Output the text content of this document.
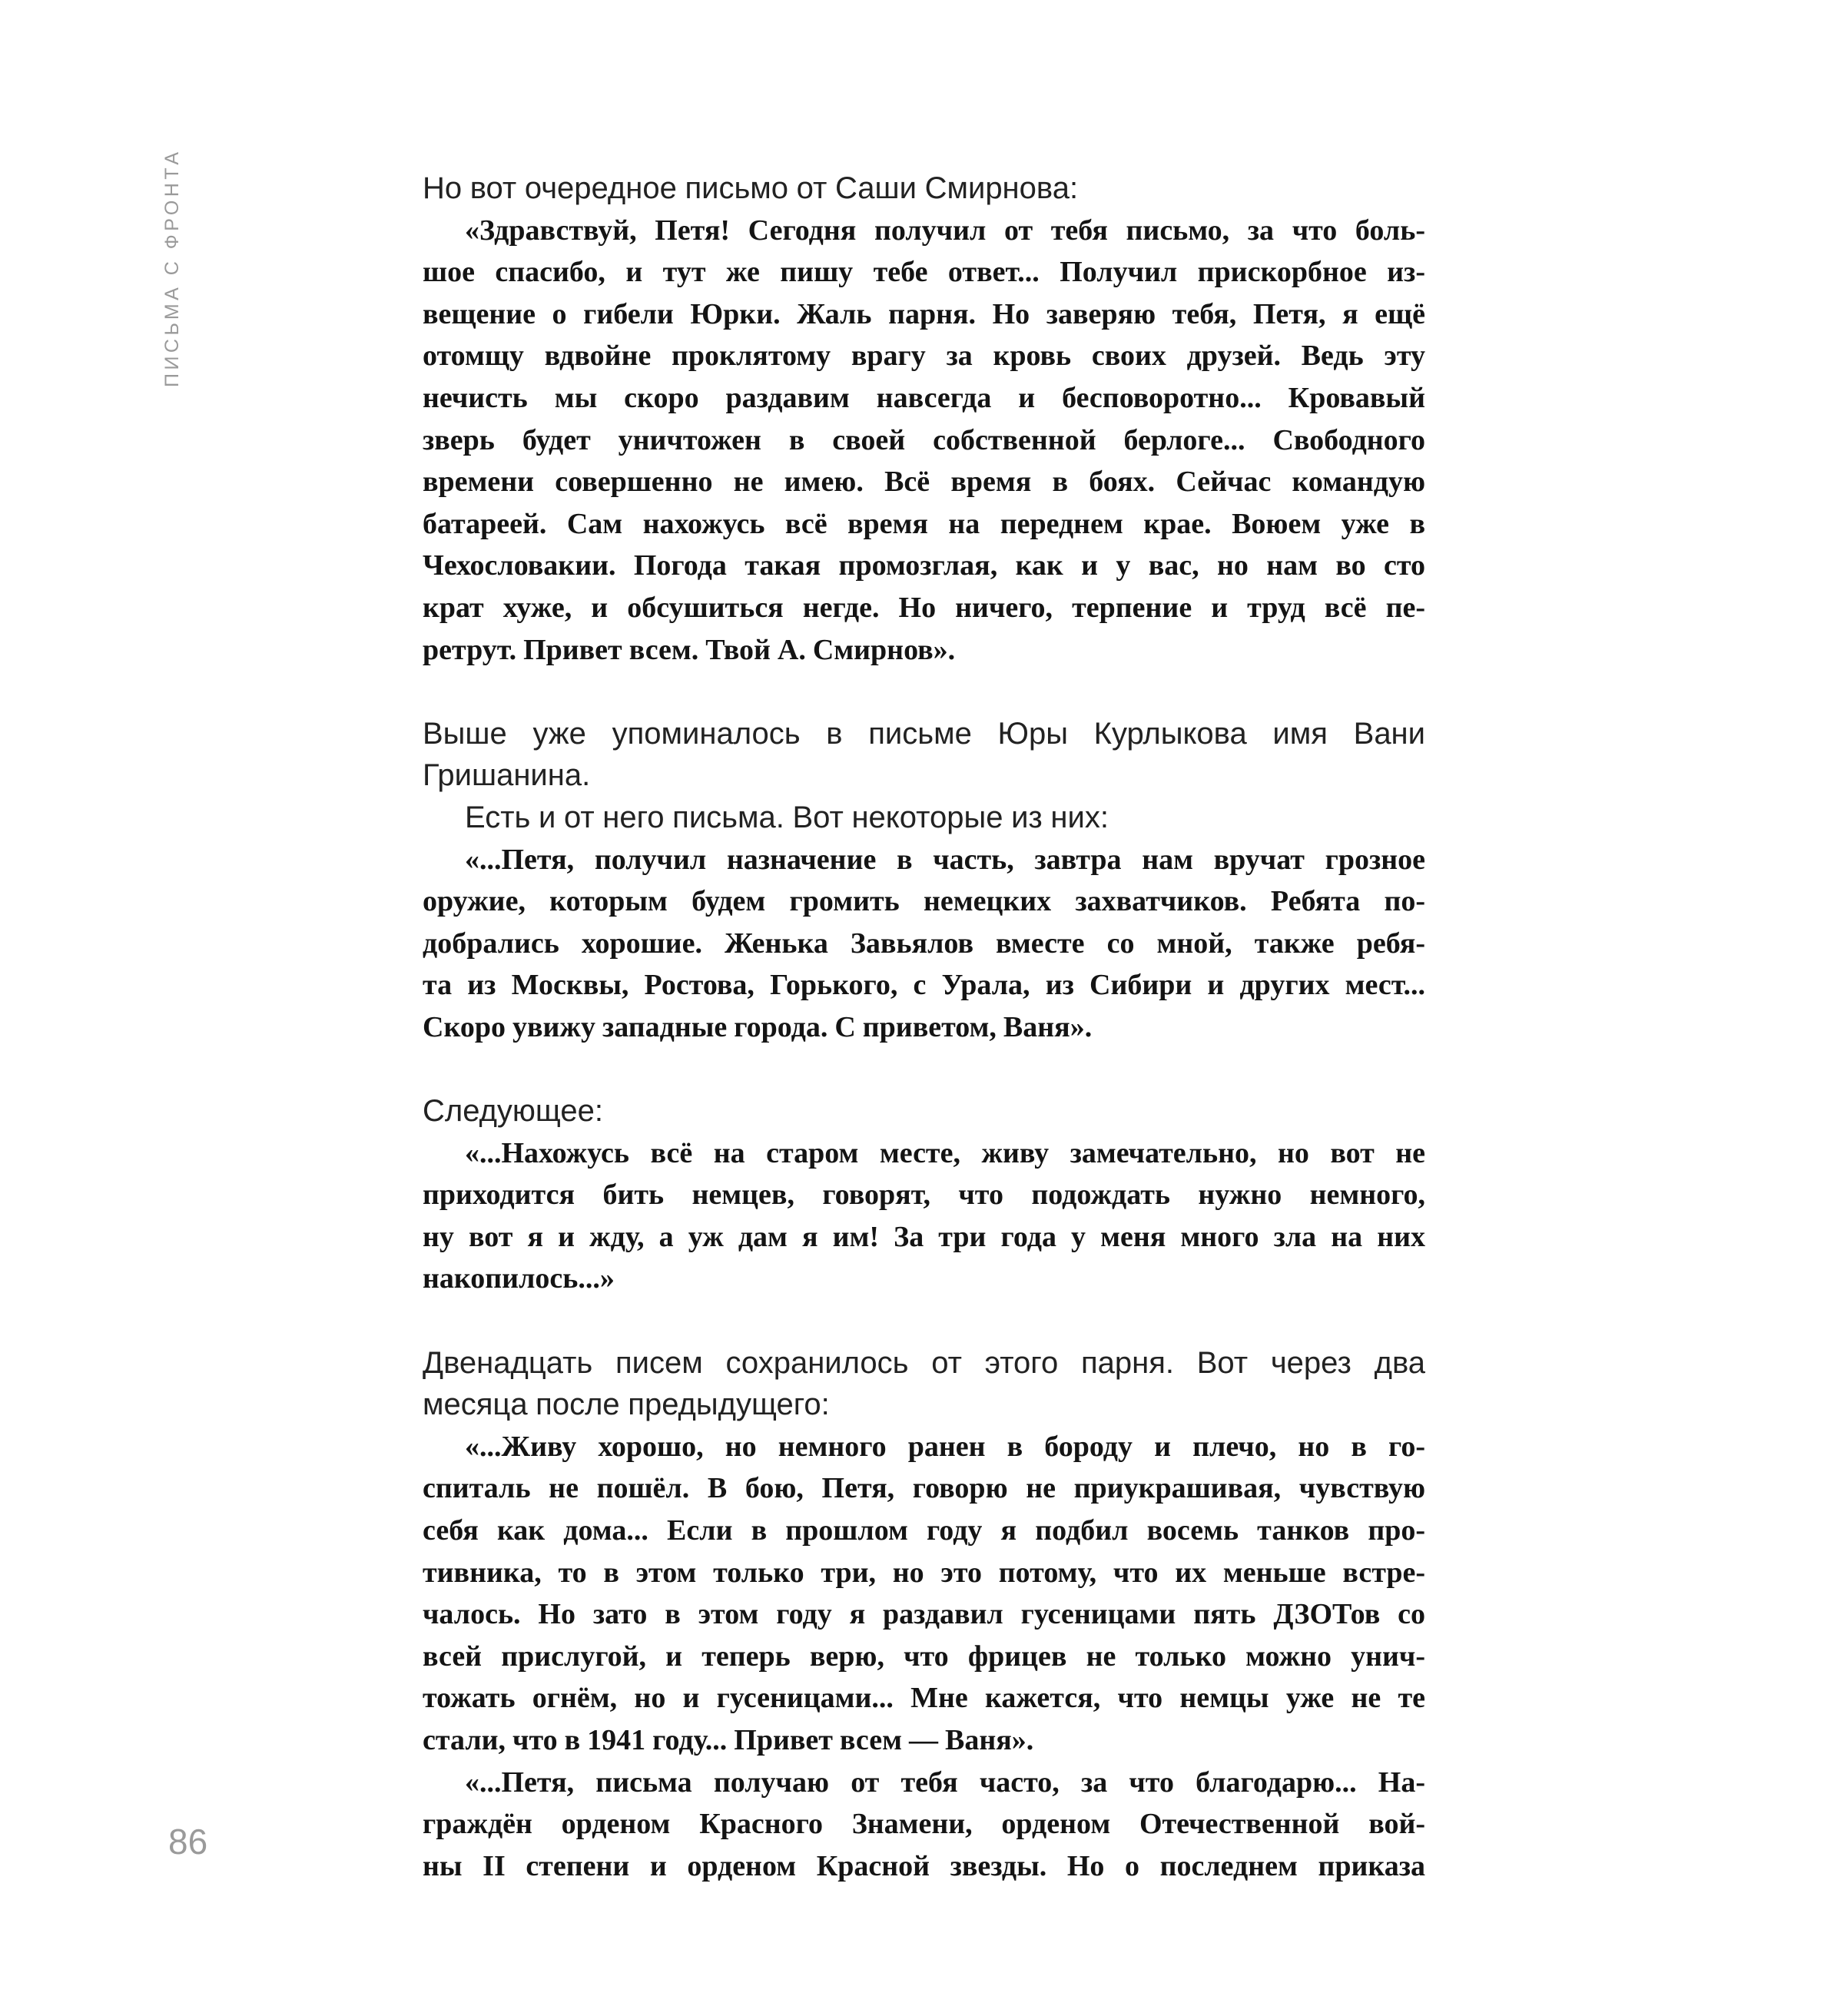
ПИСЬМА С ФРОНТА
86
Но вот очередное письмо от Саши Смирнова:
«Здравствуй, Петя! Сегодня получил от тебя письмо, за что боль-
шое спасибо, и тут же пишу тебе ответ... Получил прискорбное из-
вещение о гибели Юрки. Жаль парня. Но заверяю тебя, Петя, я ещё
отомщу вдвойне проклятому врагу за кровь своих друзей. Ведь эту
нечисть мы скоро раздавим навсегда и бесповоротно... Кровавый
зверь будет уничтожен в своей собственной берлоге... Свободного
времени совершенно не имею. Всё время в боях. Сейчас командую
батареей. Сам нахожусь всё время на переднем крае. Воюем уже в
Чехословакии. Погода такая промозглая, как и у вас, но нам во сто
крат хуже, и обсушиться негде. Но ничего, терпение и труд всё пе-
ретрут. Привет всем. Твой А. Смирнов».
Выше уже упоминалось в письме Юры Курлыкова имя Вани
Гришанина.
Есть и от него письма. Вот некоторые из них:
«...Петя, получил назначение в часть, завтра нам вручат грозное
оружие, которым будем громить немецких захватчиков. Ребята по-
добрались хорошие. Женька Завьялов вместе со мной, также ребя-
та из Москвы, Ростова, Горького, с Урала, из Сибири и других мест...
Скоро увижу западные города. С приветом, Ваня».
Следующее:
«...Нахожусь всё на старом месте, живу замечательно, но вот не
приходится бить немцев, говорят, что подождать нужно немного,
ну вот я и жду, а уж дам я им! За три года у меня много зла на них
накопилось...»
Двенадцать писем сохранилось от этого парня. Вот через два
месяца после предыдущего:
«...Живу хорошо, но немного ранен в бороду и плечо, но в го-
спиталь не пошёл. В бою, Петя, говорю не приукрашивая, чувствую
себя как дома... Если в прошлом году я подбил восемь танков про-
тивника, то в этом только три, но это потому, что их меньше встре-
чалось. Но зато в этом году я раздавил гусеницами пять ДЗОТов со
всей прислугой, и теперь верю, что фрицев не только можно унич-
тожать огнём, но и гусеницами... Мне кажется, что немцы уже не те
стали, что в 1941 году... Привет всем — Ваня».
«...Петя, письма получаю от тебя часто, за что благодарю... На-
граждён орденом Красного Знамени, орденом Отечественной вой-
ны II степени и орденом Красной звезды. Но о последнем приказа
